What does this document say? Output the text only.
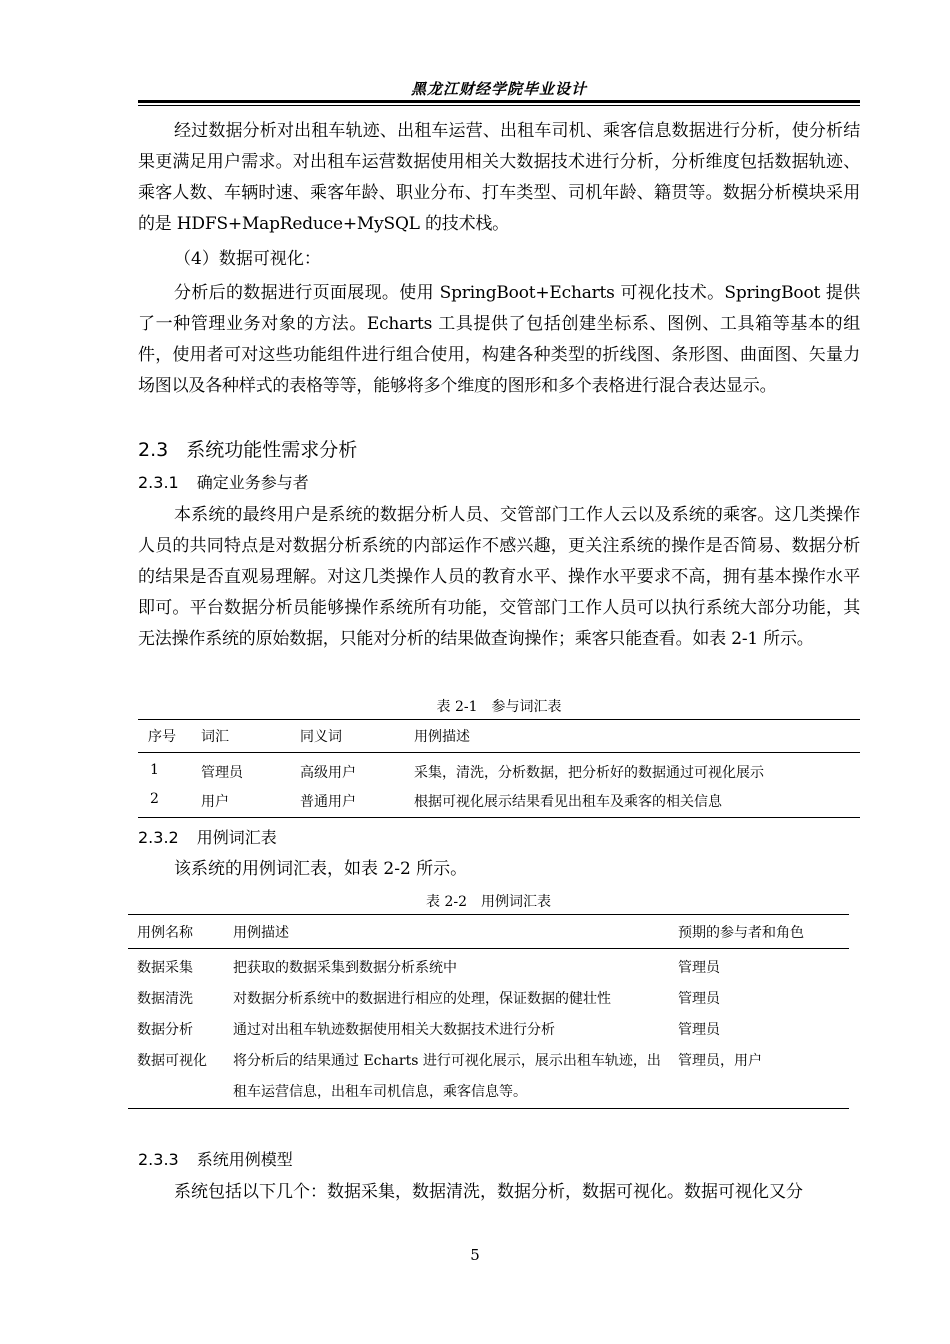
黑龙江财经学院毕业设计

经过数据分析对出租车轨迹、出租车运营、出租车司机、乘客信息数据进行分析，使分析结果更满足用户需求。对出租车运营数据使用相关大数据技术进行分析，分析维度包括数据轨迹、乘客人数、车辆时速、乘客年龄、职业分布、打车类型、司机年龄、籍贯等。数据分析模块采用的是 HDFS+MapReduce+MySQL 的技术栈。

（4）数据可视化：

分析后的数据进行页面展现。使用 SpringBoot+Echarts 可视化技术。SpringBoot 提供了一种管理业务对象的方法。Echarts 工具提供了包括创建坐标系、图例、工具箱等基本的组件，使用者可对这些功能组件进行组合使用，构建各种类型的折线图、条形图、曲面图、矢量力场图以及各种样式的表格等等，能够将多个维度的图形和多个表格进行混合表达显示。

2.3 系统功能性需求分析
2.3.1 确定业务参与者

本系统的最终用户是系统的数据分析人员、交管部门工作人云以及系统的乘客。这几类操作人员的共同特点是对数据分析系统的内部运作不感兴趣，更关注系统的操作是否简易、数据分析的结果是否直观易理解。对这几类操作人员的教育水平、操作水平要求不高，拥有基本操作水平即可。平台数据分析员能够操作系统所有功能，交管部门工作人员可以执行系统大部分功能，其无法操作系统的原始数据，只能对分析的结果做查询操作；乘客只能查看。如表 2-1 所示。

表 2-1　参与词汇表
序号	词汇	同义词	用例描述
1	管理员	高级用户	采集，清洗，分析数据，把分析好的数据通过可视化展示
2	用户	普通用户	根据可视化展示结果看见出租车及乘客的相关信息
2.3.2 用例词汇表

该系统的用例词汇表，如表 2-2 所示。

表 2-2　用例词汇表
用例名称	用例描述	预期的参与者和角色
数据采集	把获取的数据采集到数据分析系统中	管理员
数据清洗	对数据分析系统中的数据进行相应的处理，保证数据的健壮性	管理员
数据分析	通过对出租车轨迹数据使用相关大数据技术进行分析	管理员
数据可视化	将分析后的结果通过 Echarts 进行可视化展示，展示出租车轨迹，出租车运营信息，出租车司机信息，乘客信息等。	管理员，用户
2.3.3 系统用例模型

系统包括以下几个：数据采集，数据清洗，数据分析，数据可视化。数据可视化又分

5
